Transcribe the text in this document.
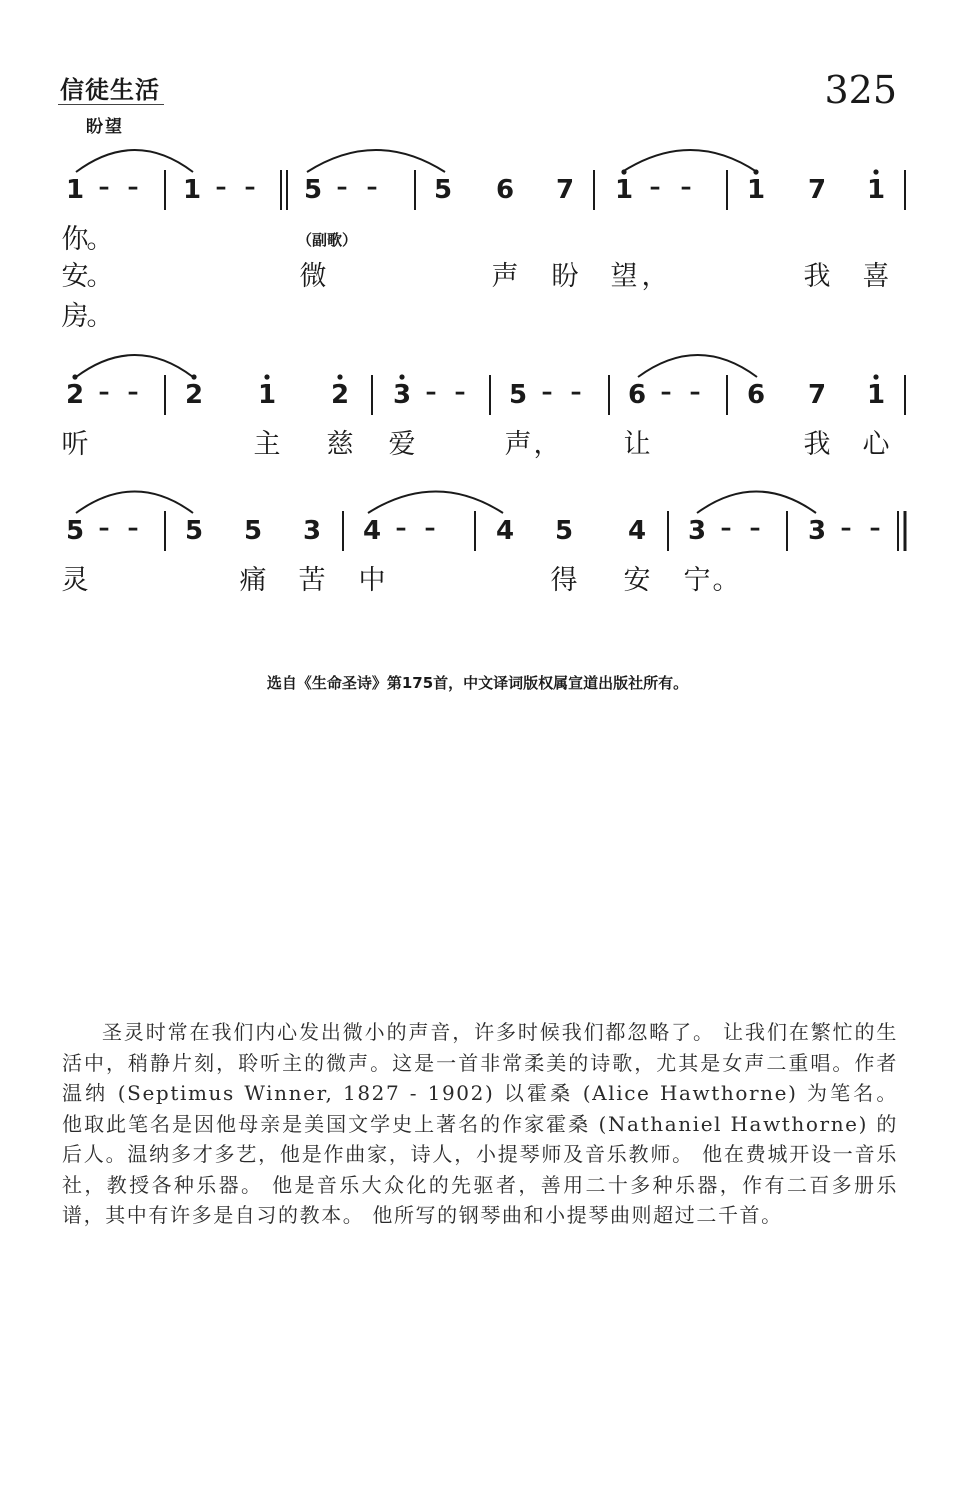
信徒生活
盼望
325
1 – – 1 – – 5 – – 5 6 7 1 – – 1 7 1
2 – – 2 1 2 3 – – 5 – – 6 – – 6 7 1
5 – – 5 5 3 4 – – 4 5 4 3 – – 3 – –
你
。
安
。	微	声 盼 望 ，	我 喜
房
。
（副歌）
听	主 慈 爱	声 ， 让	我 心
灵	痛 苦 中	得 安 宁 。
选自《生命圣诗》第175首，中文译词版权属宣道出版社所有。

圣灵时常在我们内心发出微小的声音，许多时候我们都忽略了。 让我们在繁忙的生活中，稍静片刻，聆听主的微声。这是一首非常柔美的诗歌，尤其是女声二重唱。作者温纳 (Septimus Winner, 1827 - 1902) 以霍桑 (Alice Hawthorne) 为笔名。 他取此笔名是因他母亲是美国文学史上著名的作家霍桑 (Nathaniel Hawthorne) 的后人。温纳多才多艺，他是作曲家，诗人，小提琴师及音乐教师。 他在费城开设一音乐社，教授各种乐器。 他是音乐大众化的先驱者，善用二十多种乐器，作有二百多册乐谱，其中有许多是自习的教本。 他所写的钢琴曲和小提琴曲则超过二千首。
